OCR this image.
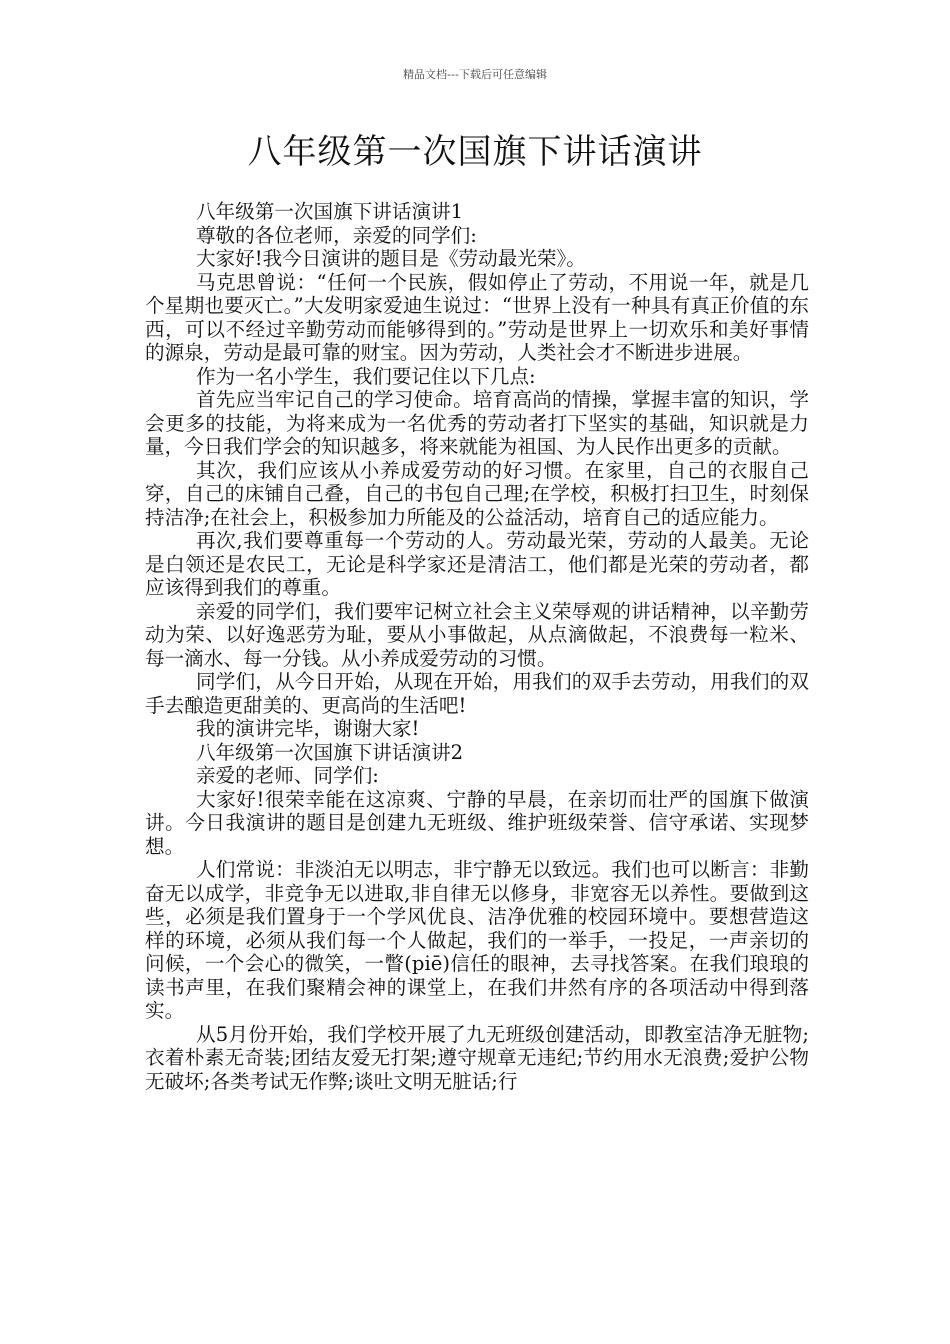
精品文档---下载后可任意编辑
八年级第一次国旗下讲话演讲

八年级第一次国旗下讲话演讲1

尊敬的各位老师，亲爱的同学们:

大家好!我今日演讲的题目是《劳动最光荣》。

马克思曾说：“任何一个民族，假如停止了劳动，不用说一年，就是几个星期也要灭亡。”大发明家爱迪生说过：“世界上没有一种具有真正价值的东西，可以不经过辛勤劳动而能够得到的。”劳动是世界上一切欢乐和美好事情的源泉，劳动是最可靠的财宝。因为劳动，人类社会才不断进步进展。

作为一名小学生，我们要记住以下几点:

首先应当牢记自己的学习使命。培育高尚的情操，掌握丰富的知识，学会更多的技能，为将来成为一名优秀的劳动者打下坚实的基础，知识就是力量，今日我们学会的知识越多，将来就能为祖国、为人民作出更多的贡献。

其次，我们应该从小养成爱劳动的好习惯。在家里，自己的衣服自己穿，自己的床铺自己叠，自己的书包自己理;在学校，积极打扫卫生，时刻保持洁净;在社会上，积极参加力所能及的公益活动，培育自己的适应能力。

再次,我们要尊重每一个劳动的人。劳动最光荣，劳动的人最美。无论是白领还是农民工，无论是科学家还是清洁工，他们都是光荣的劳动者，都应该得到我们的尊重。

亲爱的同学们，我们要牢记树立社会主义荣辱观的讲话精神，以辛勤劳动为荣、以好逸恶劳为耻，要从小事做起，从点滴做起，不浪费每一粒米、每一滴水、每一分钱。从小养成爱劳动的习惯。

同学们，从今日开始，从现在开始，用我们的双手去劳动，用我们的双手去酿造更甜美的、更高尚的生活吧!

我的演讲完毕，谢谢大家!

八年级第一次国旗下讲话演讲2

亲爱的老师、同学们:

大家好!很荣幸能在这凉爽、宁静的早晨，在亲切而壮严的国旗下做演讲。今日我演讲的题目是创建九无班级、维护班级荣誉、信守承诺、实现梦想。

人们常说：非淡泊无以明志，非宁静无以致远。我们也可以断言：非勤奋无以成学，非竞争无以进取,非自律无以修身，非宽容无以养性。要做到这些，必须是我们置身于一个学风优良、洁净优雅的校园环境中。要想营造这样的环境，必须从我们每一个人做起，我们的一举手，一投足，一声亲切的问候，一个会心的微笑，一瞥(piē)信任的眼神，去寻找答案。在我们琅琅的读书声里，在我们聚精会神的课堂上，在我们井然有序的各项活动中得到落实。

从5月份开始，我们学校开展了九无班级创建活动，即教室洁净无脏物;衣着朴素无奇装;团结友爱无打架;遵守规章无违纪;节约用水无浪费;爱护公物无破坏;各类考试无作弊;谈吐文明无脏话;行
